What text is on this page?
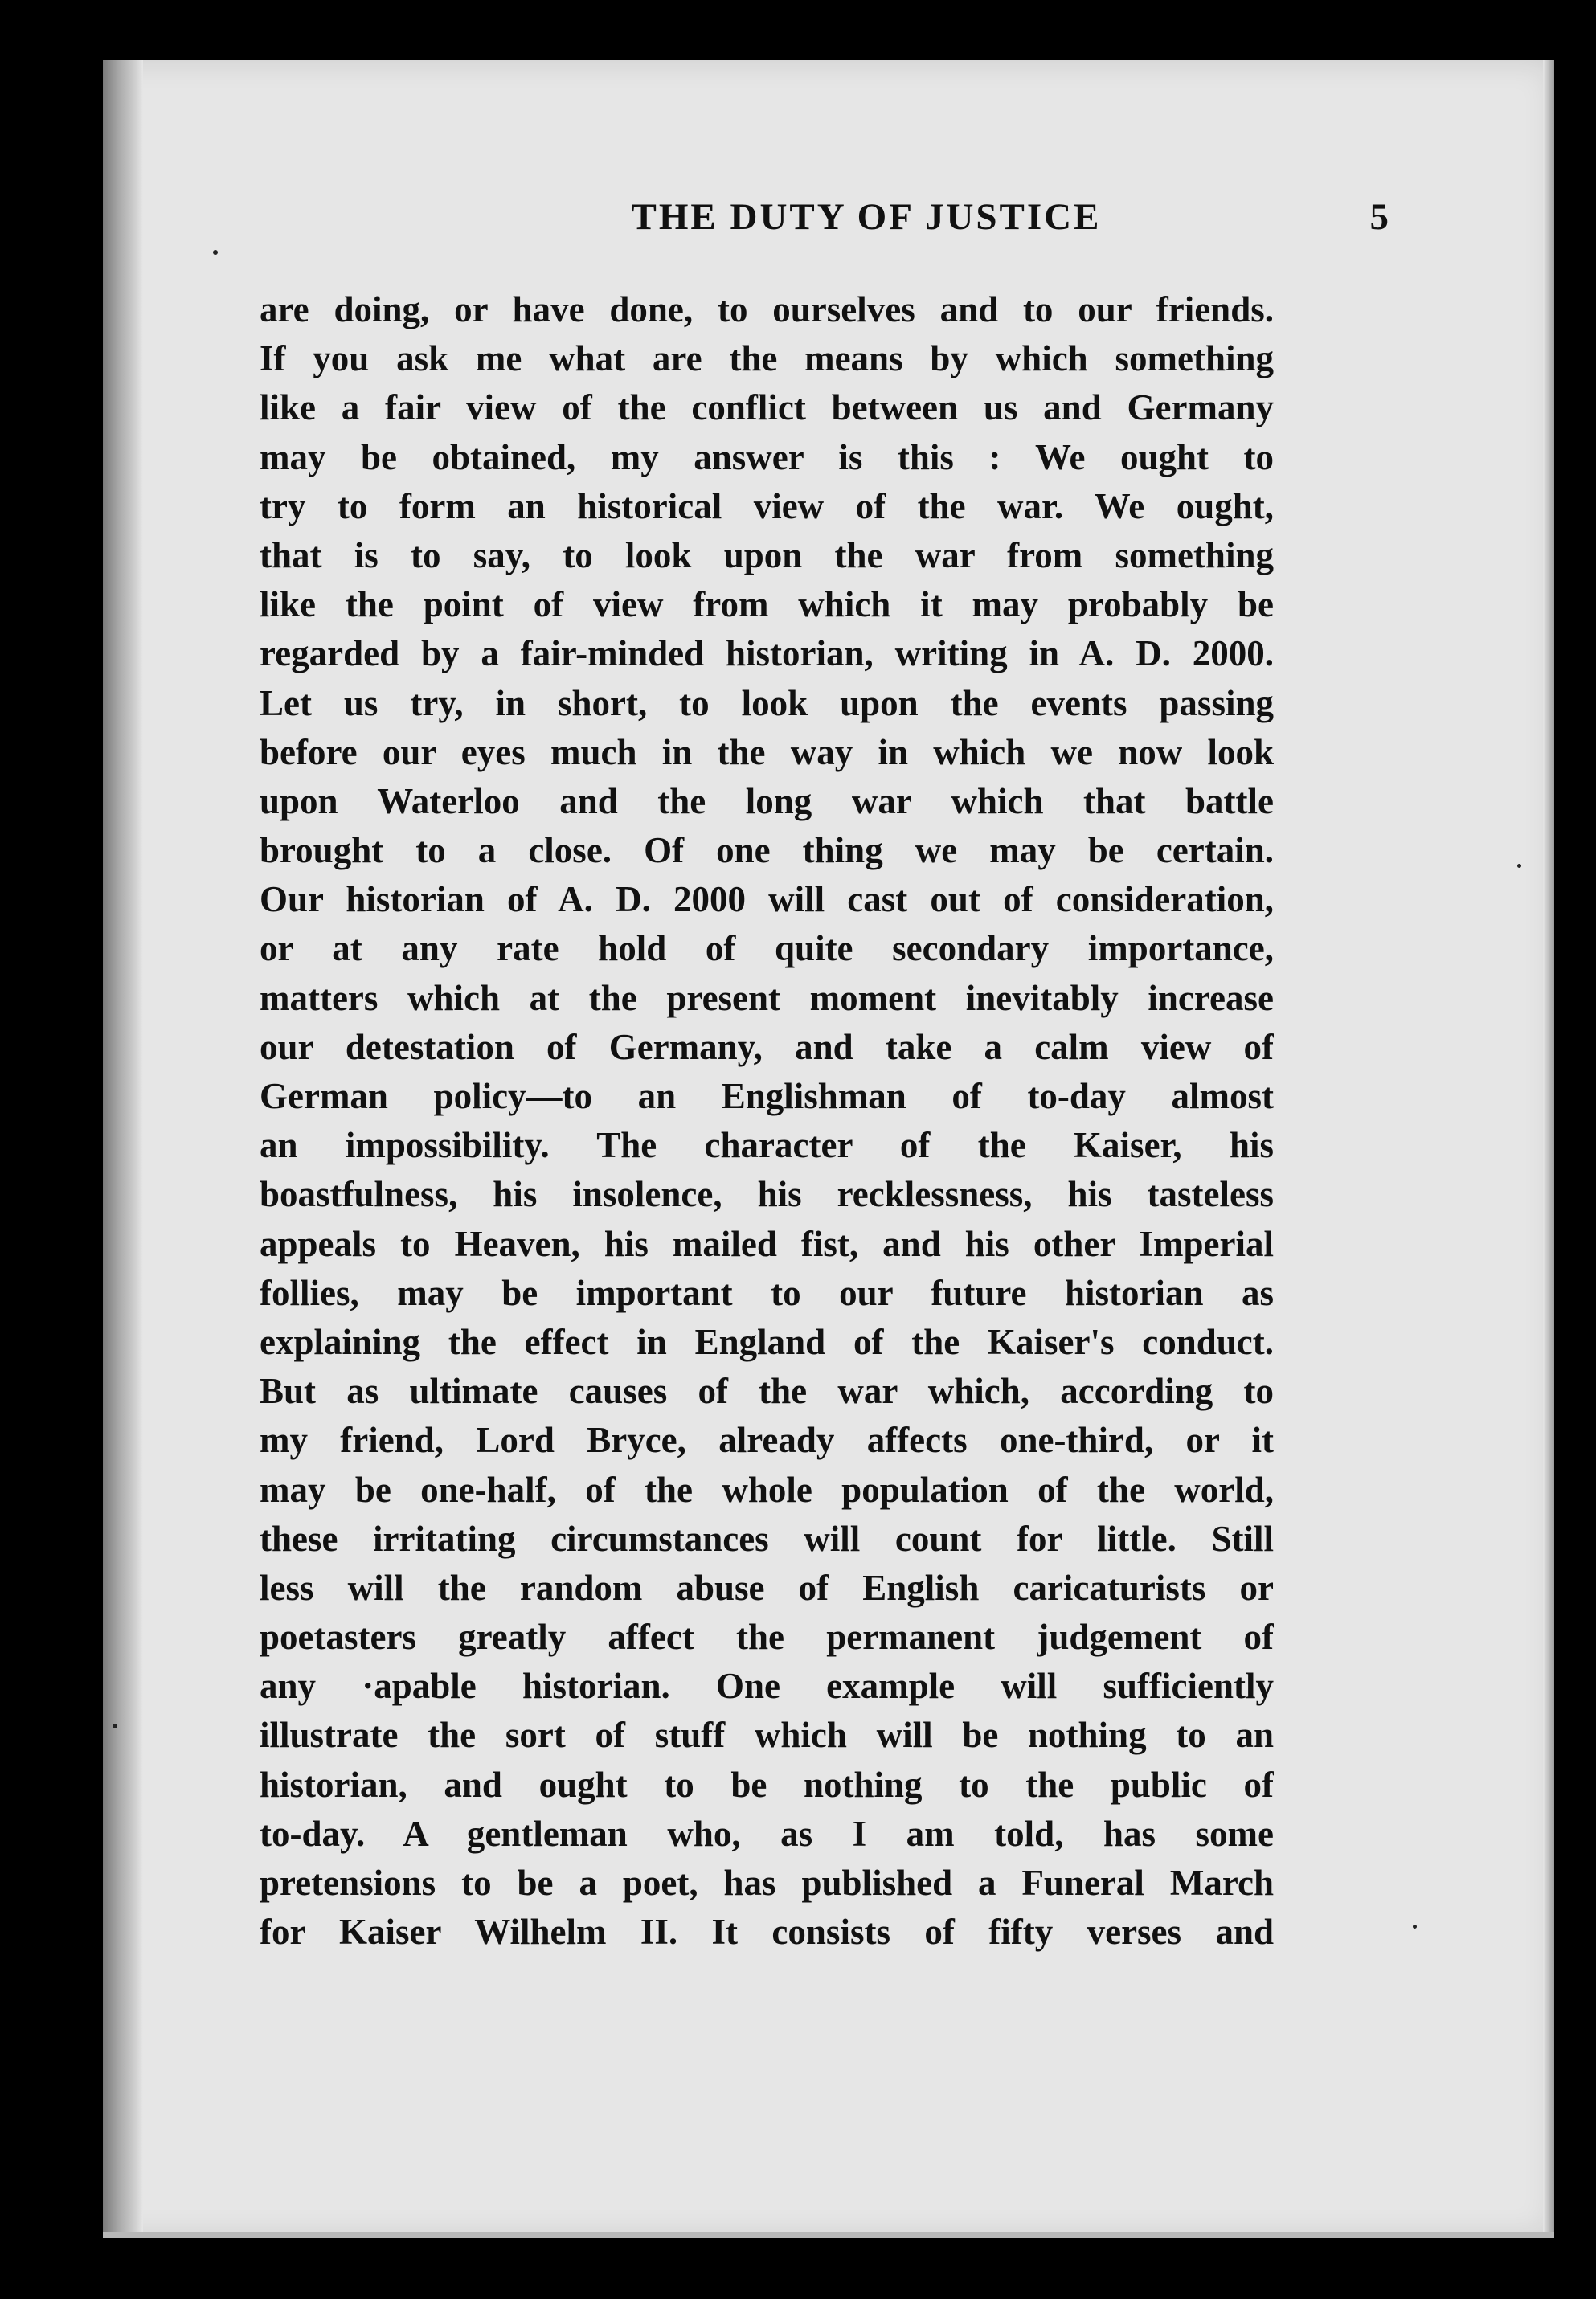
THE DUTY OF JUSTICE	5
are doing, or have done, to ourselves and to our friends.
If you ask me what are the means by which something
like a fair view of the conflict between us and Germany
may be obtained, my answer is this : We ought to
try to form an historical view of the war. We ought,
that is to say, to look upon the war from something
like the point of view from which it may probably be
regarded by a fair-minded historian, writing in A. D. 2000.
Let us try, in short, to look upon the events passing
before our eyes much in the way in which we now look
upon Waterloo and the long war which that battle
brought to a close. Of one thing we may be certain.
Our historian of A. D. 2000 will cast out of consideration,
or at any rate hold of quite secondary importance,
matters which at the present moment inevitably increase
our detestation of Germany, and take a calm view of
German policy—to an Englishman of to-day almost
an impossibility. The character of the Kaiser, his
boastfulness, his insolence, his recklessness, his tasteless
appeals to Heaven, his mailed fist, and his other Imperial
follies, may be important to our future historian as
explaining the effect in England of the Kaiser's conduct.
But as ultimate causes of the war which, according to
my friend, Lord Bryce, already affects one-third, or it
may be one-half, of the whole population of the world,
these irritating circumstances will count for little. Still
less will the random abuse of English caricaturists or
poetasters greatly affect the permanent judgement of
any ·apable historian. One example will sufficiently
illustrate the sort of stuff which will be nothing to an
historian, and ought to be nothing to the public of
to-day. A gentleman who, as I am told, has some
pretensions to be a poet, has published a Funeral March
for Kaiser Wilhelm II. It consists of fifty verses and
